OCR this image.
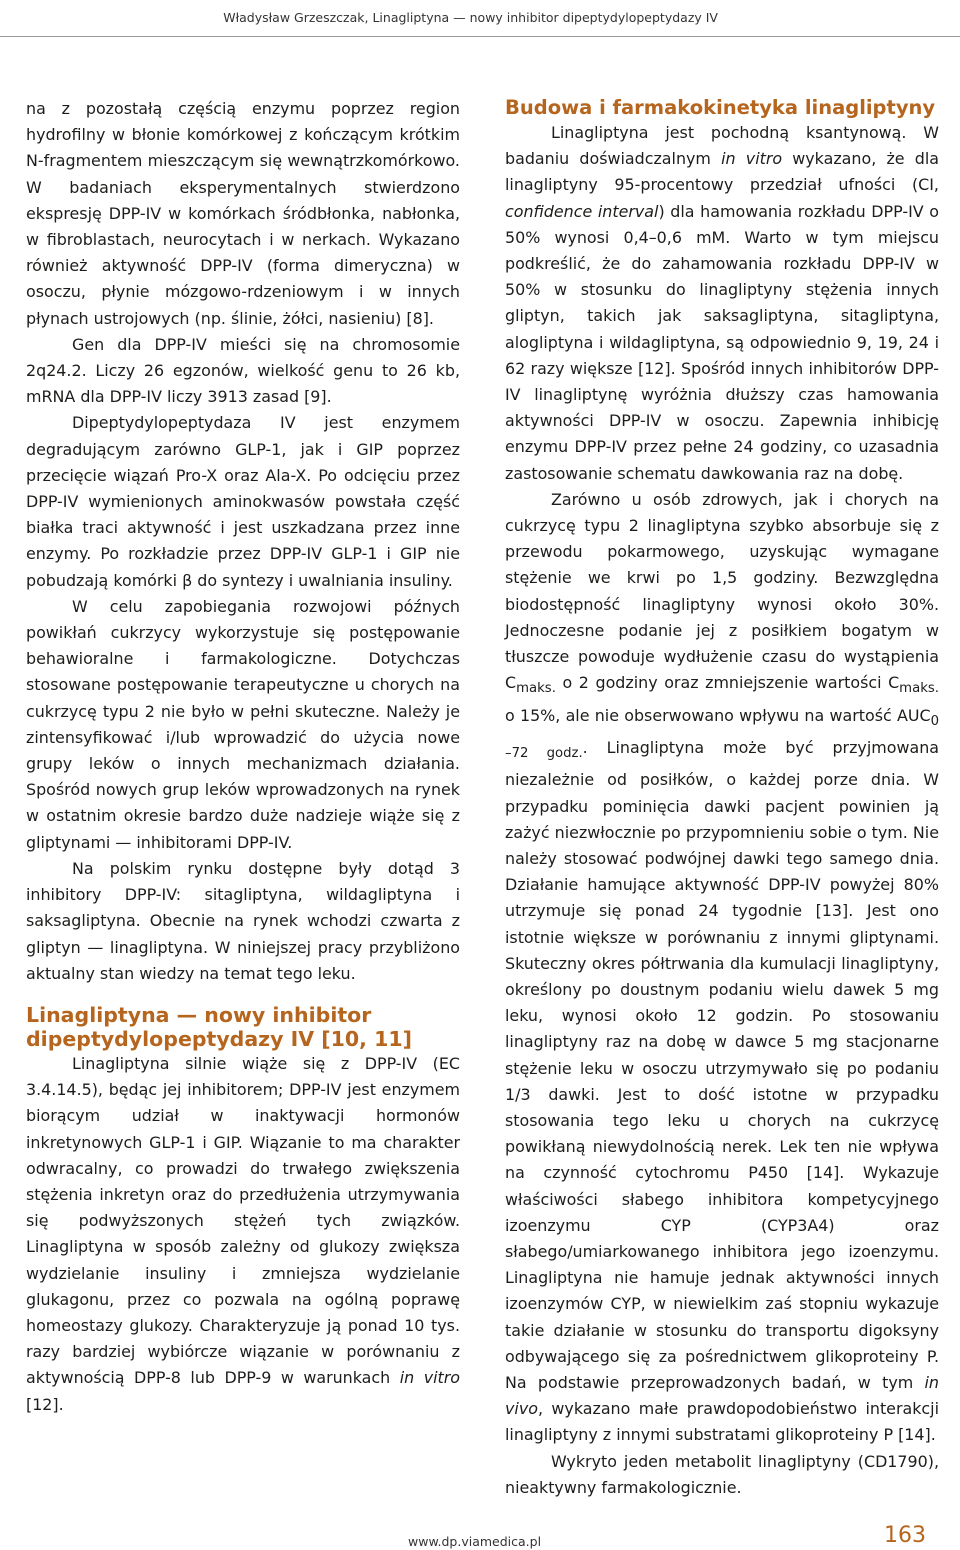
Władysław Grzeszczak, Linagliptyna — nowy inhibitor dipeptydylopeptydazy IV

na z pozostałą częścią enzymu poprzez region hydrofilny w błonie komórkowej z kończącym krótkim N-fragmentem mieszczącym się wewnątrzkomórkowo. W badaniach eksperymentalnych stwierdzono ekspresję DPP-IV w komórkach śródbłonka, nabłonka, w fibroblastach, neurocytach i w nerkach. Wykazano również aktywność DPP-IV (forma dimeryczna) w osoczu, płynie mózgowo-rdzeniowym i w innych płynach ustrojowych (np. ślinie, żółci, nasieniu) [8].

Gen dla DPP-IV mieści się na chromosomie 2q24.2. Liczy 26 egzonów, wielkość genu to 26 kb, mRNA dla DPP-IV liczy 3913 zasad [9].

Dipeptydylopeptydaza IV jest enzymem degradującym zarówno GLP-1, jak i GIP poprzez przecięcie wiązań Pro-X oraz Ala-X. Po odcięciu przez DPP-IV wymienionych aminokwasów powstała część białka traci aktywność i jest uszkadzana przez inne enzymy. Po rozkładzie przez DPP-IV GLP-1 i GIP nie pobudzają komórki β do syntezy i uwalniania insuliny.

W celu zapobiegania rozwojowi późnych powikłań cukrzycy wykorzystuje się postępowanie behawioralne i farmakologiczne. Dotychczas stosowane postępowanie terapeutyczne u chorych na cukrzycę typu 2 nie było w pełni skuteczne. Należy je zintensyfikować i/lub wprowadzić do użycia nowe grupy leków o innych mechanizmach działania. Spośród nowych grup leków wprowadzonych na rynek w ostatnim okresie bardzo duże nadzieje wiąże się z gliptynami — inhibitorami DPP-IV.

Na polskim rynku dostępne były dotąd 3 inhibitory DPP-IV: sitagliptyna, wildagliptyna i saksagliptyna. Obecnie na rynek wchodzi czwarta z gliptyn — linagliptyna. W niniejszej pracy przybliżono aktualny stan wiedzy na temat tego leku.

Linagliptyna — nowy inhibitor dipeptydylopeptydazy IV [10, 11]

Linagliptyna silnie wiąże się z DPP-IV (EC 3.4.14.5), będąc jej inhibitorem; DPP-IV jest enzymem biorącym udział w inaktywacji hormonów inkretynowych GLP-1 i GIP. Wiązanie to ma charakter odwracalny, co prowadzi do trwałego zwiększenia stężenia inkretyn oraz do przedłużenia utrzymywania się podwyższonych stężeń tych związków. Linagliptyna w sposób zależny od glukozy zwiększa wydzielanie insuliny i zmniejsza wydzielanie glukagonu, przez co pozwala na ogólną poprawę homeostazy glukozy. Charakteryzuje ją ponad 10 tys. razy bardziej wybiórcze wiązanie w porównaniu z aktywnością DPP-8 lub DPP-9 w warunkach in vitro [12].

Budowa i farmakokinetyka linagliptyny

Linagliptyna jest pochodną ksantynową. W badaniu doświadczalnym in vitro wykazano, że dla linagliptyny 95-procentowy przedział ufności (CI, confidence interval) dla hamowania rozkładu DPP-IV o 50% wynosi 0,4–0,6 mM. Warto w tym miejscu podkreślić, że do zahamowania rozkładu DPP-IV w 50% w stosunku do linagliptyny stężenia innych gliptyn, takich jak saksagliptyna, sitagliptyna, alogliptyna i wildagliptyna, są odpowiednio 9, 19, 24 i 62 razy większe [12]. Spośród innych inhibitorów DPP-IV linagliptynę wyróżnia dłuższy czas hamowania aktywności DPP-IV w osoczu. Zapewnia inhibicję enzymu DPP-IV przez pełne 24 godziny, co uzasadnia zastosowanie schematu dawkowania raz na dobę.

Zarówno u osób zdrowych, jak i chorych na cukrzycę typu 2 linagliptyna szybko absorbuje się z przewodu pokarmowego, uzyskując wymagane stężenie we krwi po 1,5 godziny. Bezwzględna biodostępność linagliptyny wynosi około 30%. Jednoczesne podanie jej z posiłkiem bogatym w tłuszcze powoduje wydłużenie czasu do wystąpienia $C_{maks.}$ o 2 godziny oraz zmniejszenie wartości $C_{maks.}$ o 15%, ale nie obserwowano wpływu na wartość $AUC_{0 -72 godz.}$. Linagliptyna może być przyjmowana niezależnie od posiłków, o każdej porze dnia. W przypadku pominięcia dawki pacjent powinien ją zażyć niezwłocznie po przypomnieniu sobie o tym. Nie należy stosować podwójnej dawki tego samego dnia. Działanie hamujące aktywność DPP-IV powyżej 80% utrzymuje się ponad 24 tygodnie [13]. Jest ono istotnie większe w porównaniu z innymi gliptynami. Skuteczny okres półtrwania dla kumulacji linagliptyny, określony po doustnym podaniu wielu dawek 5 mg leku, wynosi około 12 godzin. Po stosowaniu linagliptyny raz na dobę w dawce 5 mg stacjonarne stężenie leku w osoczu utrzymywało się po podaniu 1/3 dawki. Jest to dość istotne w przypadku stosowania tego leku u chorych na cukrzycę powikłaną niewydolnością nerek. Lek ten nie wpływa na czynność cytochromu P450 [14]. Wykazuje właściwości słabego inhibitora kompetycyjnego izoenzymu CYP (CYP3A4) oraz słabego/umiarkowanego inhibitora jego izoenzymu. Linagliptyna nie hamuje jednak aktywności innych izoenzymów CYP, w niewielkim zaś stopniu wykazuje takie działanie w stosunku do transportu digoksyny odbywającego się za pośrednictwem glikoproteiny P. Na podstawie przeprowadzonych badań, w tym in vivo, wykazano małe prawdopodobieństwo interakcji linagliptyny z innymi substratami glikoproteiny P [14].

Wykryto jeden metabolit linagliptyny (CD1790), nieaktywny farmakologicznie.

www.dp.viamedica.pl	163
